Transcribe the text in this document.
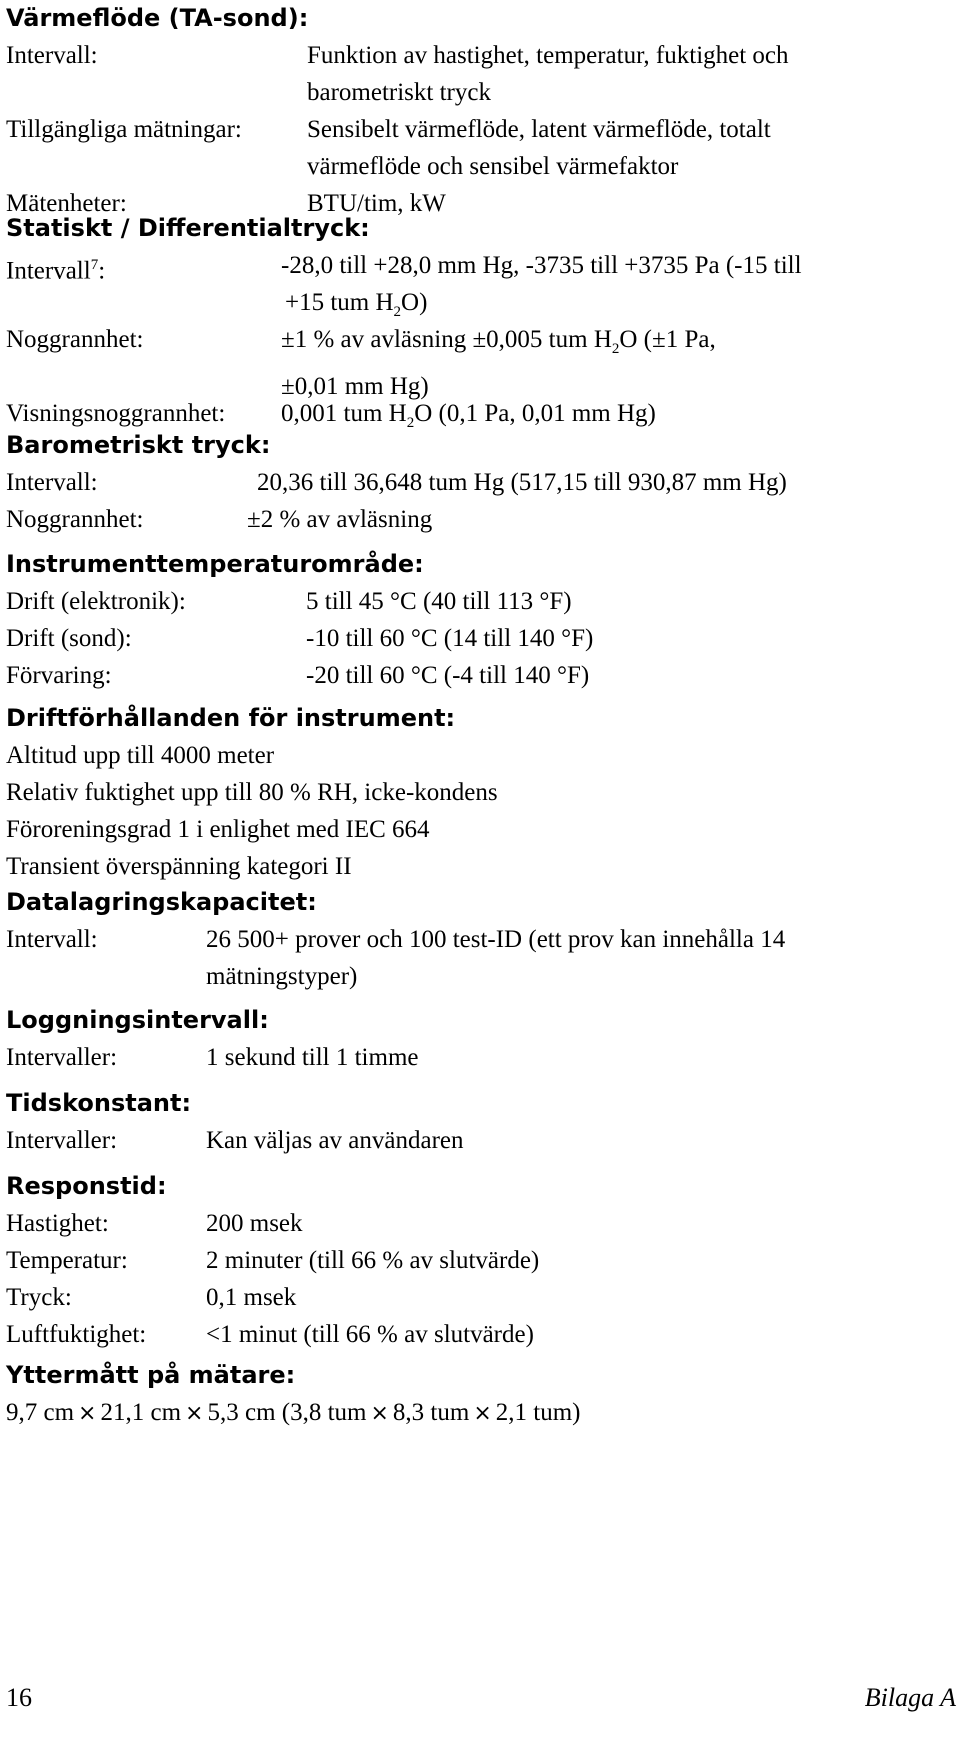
Värmeflöde (TA-sond):
Intervall:	Funktion av hastighet, temperatur, fuktighet och
barometriskt tryck
Tillgängliga mätningar:	Sensibelt värmeflöde, latent värmeflöde, totalt
värmeflöde och sensibel värmefaktor
Mätenheter:	BTU/tim, kW
Statiskt / Differentialtryck:
Intervall$^7$:	-28,0 till +28,0 mm Hg, -3735 till +3735 Pa (-15 till
+15 tum $H_2O$)
Noggrannhet:	±1 % av avläsning ±0,005 tum $H_2O$ (±1 Pa,
±0,01 mm Hg)
Visningsnoggrannhet: 0,001 tum $H_2O$ (0,1 Pa, 0,01 mm Hg)
Barometriskt tryck:
Intervall:	20,36 till 36,648 tum Hg (517,15 till 930,87 mm Hg)
Noggrannhet:	±2 % av avläsning
Instrumenttemperaturområde:
Drift (elektronik):	5 till 45 °C (40 till 113 °F)
Drift (sond):	-10 till 60 °C (14 till 140 °F)
Förvaring:	-20 till 60 °C (-4 till 140 °F)
Driftförhållanden för instrument:
Altitud upp till 4000 meter
Relativ fuktighet upp till 80 % RH, icke-kondens
Föroreningsgrad 1 i enlighet med IEC 664
Transient överspänning kategori II
Datalagringskapacitet:
Intervall:	26 500+ prover och 100 test-ID (ett prov kan innehålla 14
mätningstyper)
Loggningsintervall:
Intervaller:	1 sekund till 1 timme
Tidskonstant:
Intervaller:	Kan väljas av användaren
Responstid:
Hastighet:	200 msek
Temperatur:	2 minuter (till 66 % av slutvärde)
Tryck:	0,1 msek
Luftfuktighet: <1 minut (till 66 % av slutvärde)
Yttermått på mätare:
9,7 cm × 21,1 cm × 5,3 cm (3,8 tum × 8,3 tum × 2,1 tum)
16	Bilaga A
